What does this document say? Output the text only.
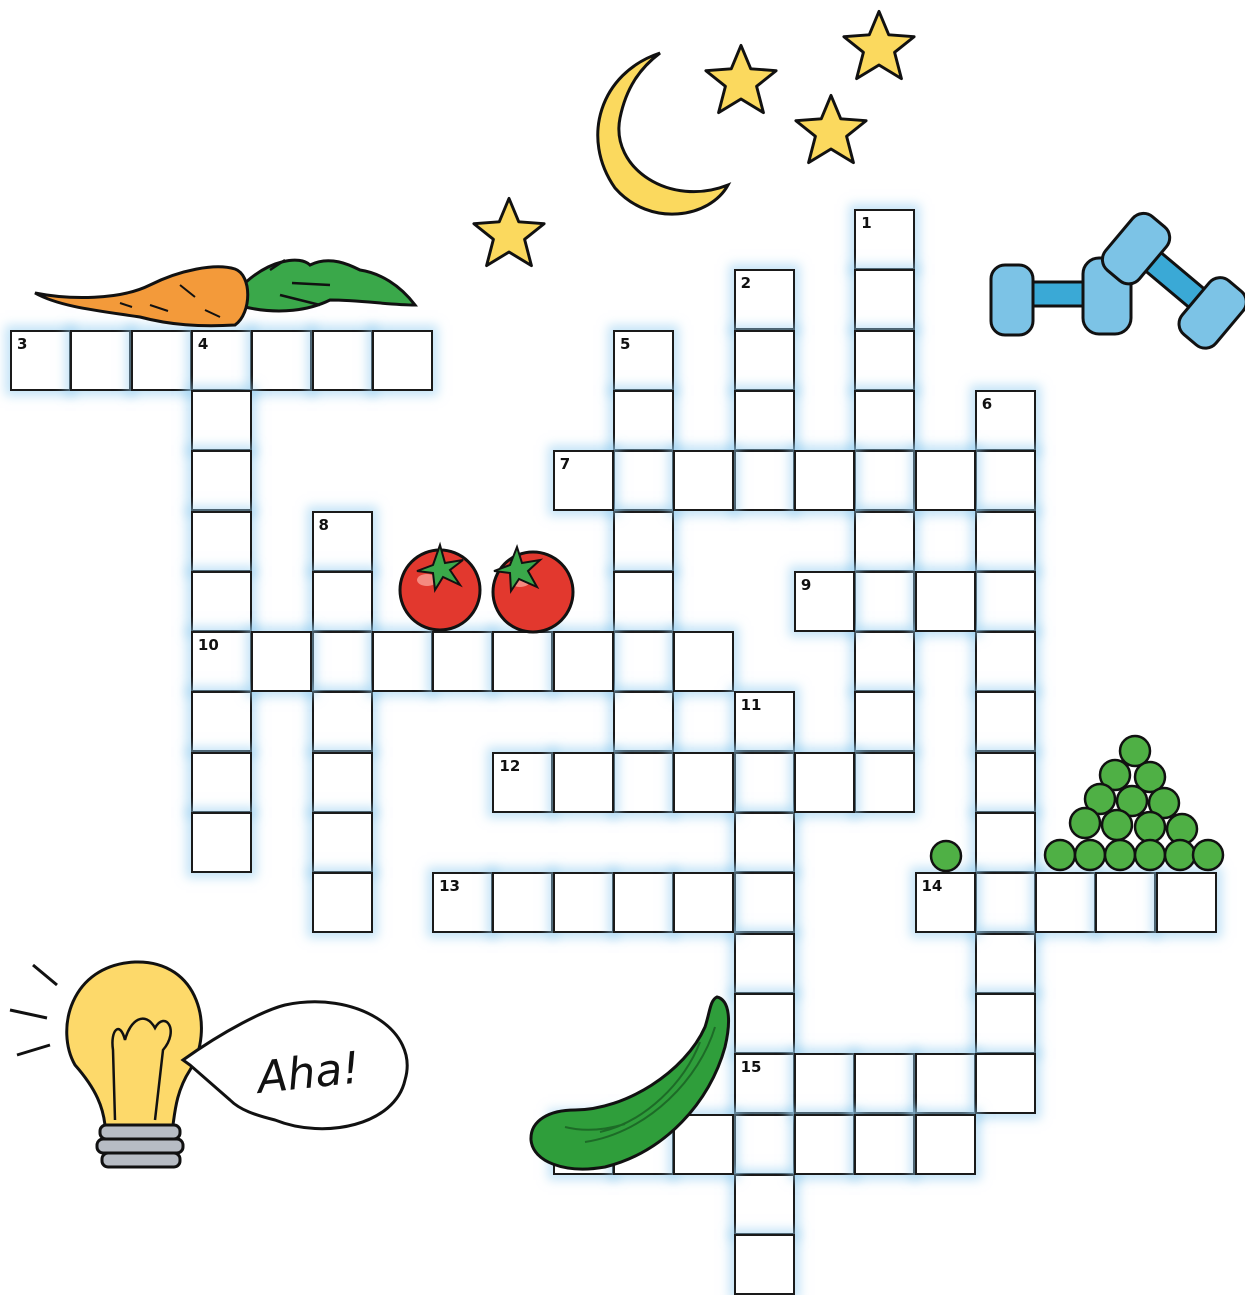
1
2
3	4
10
5
6
7
8
9
11
15
12
13	14
Aha!
